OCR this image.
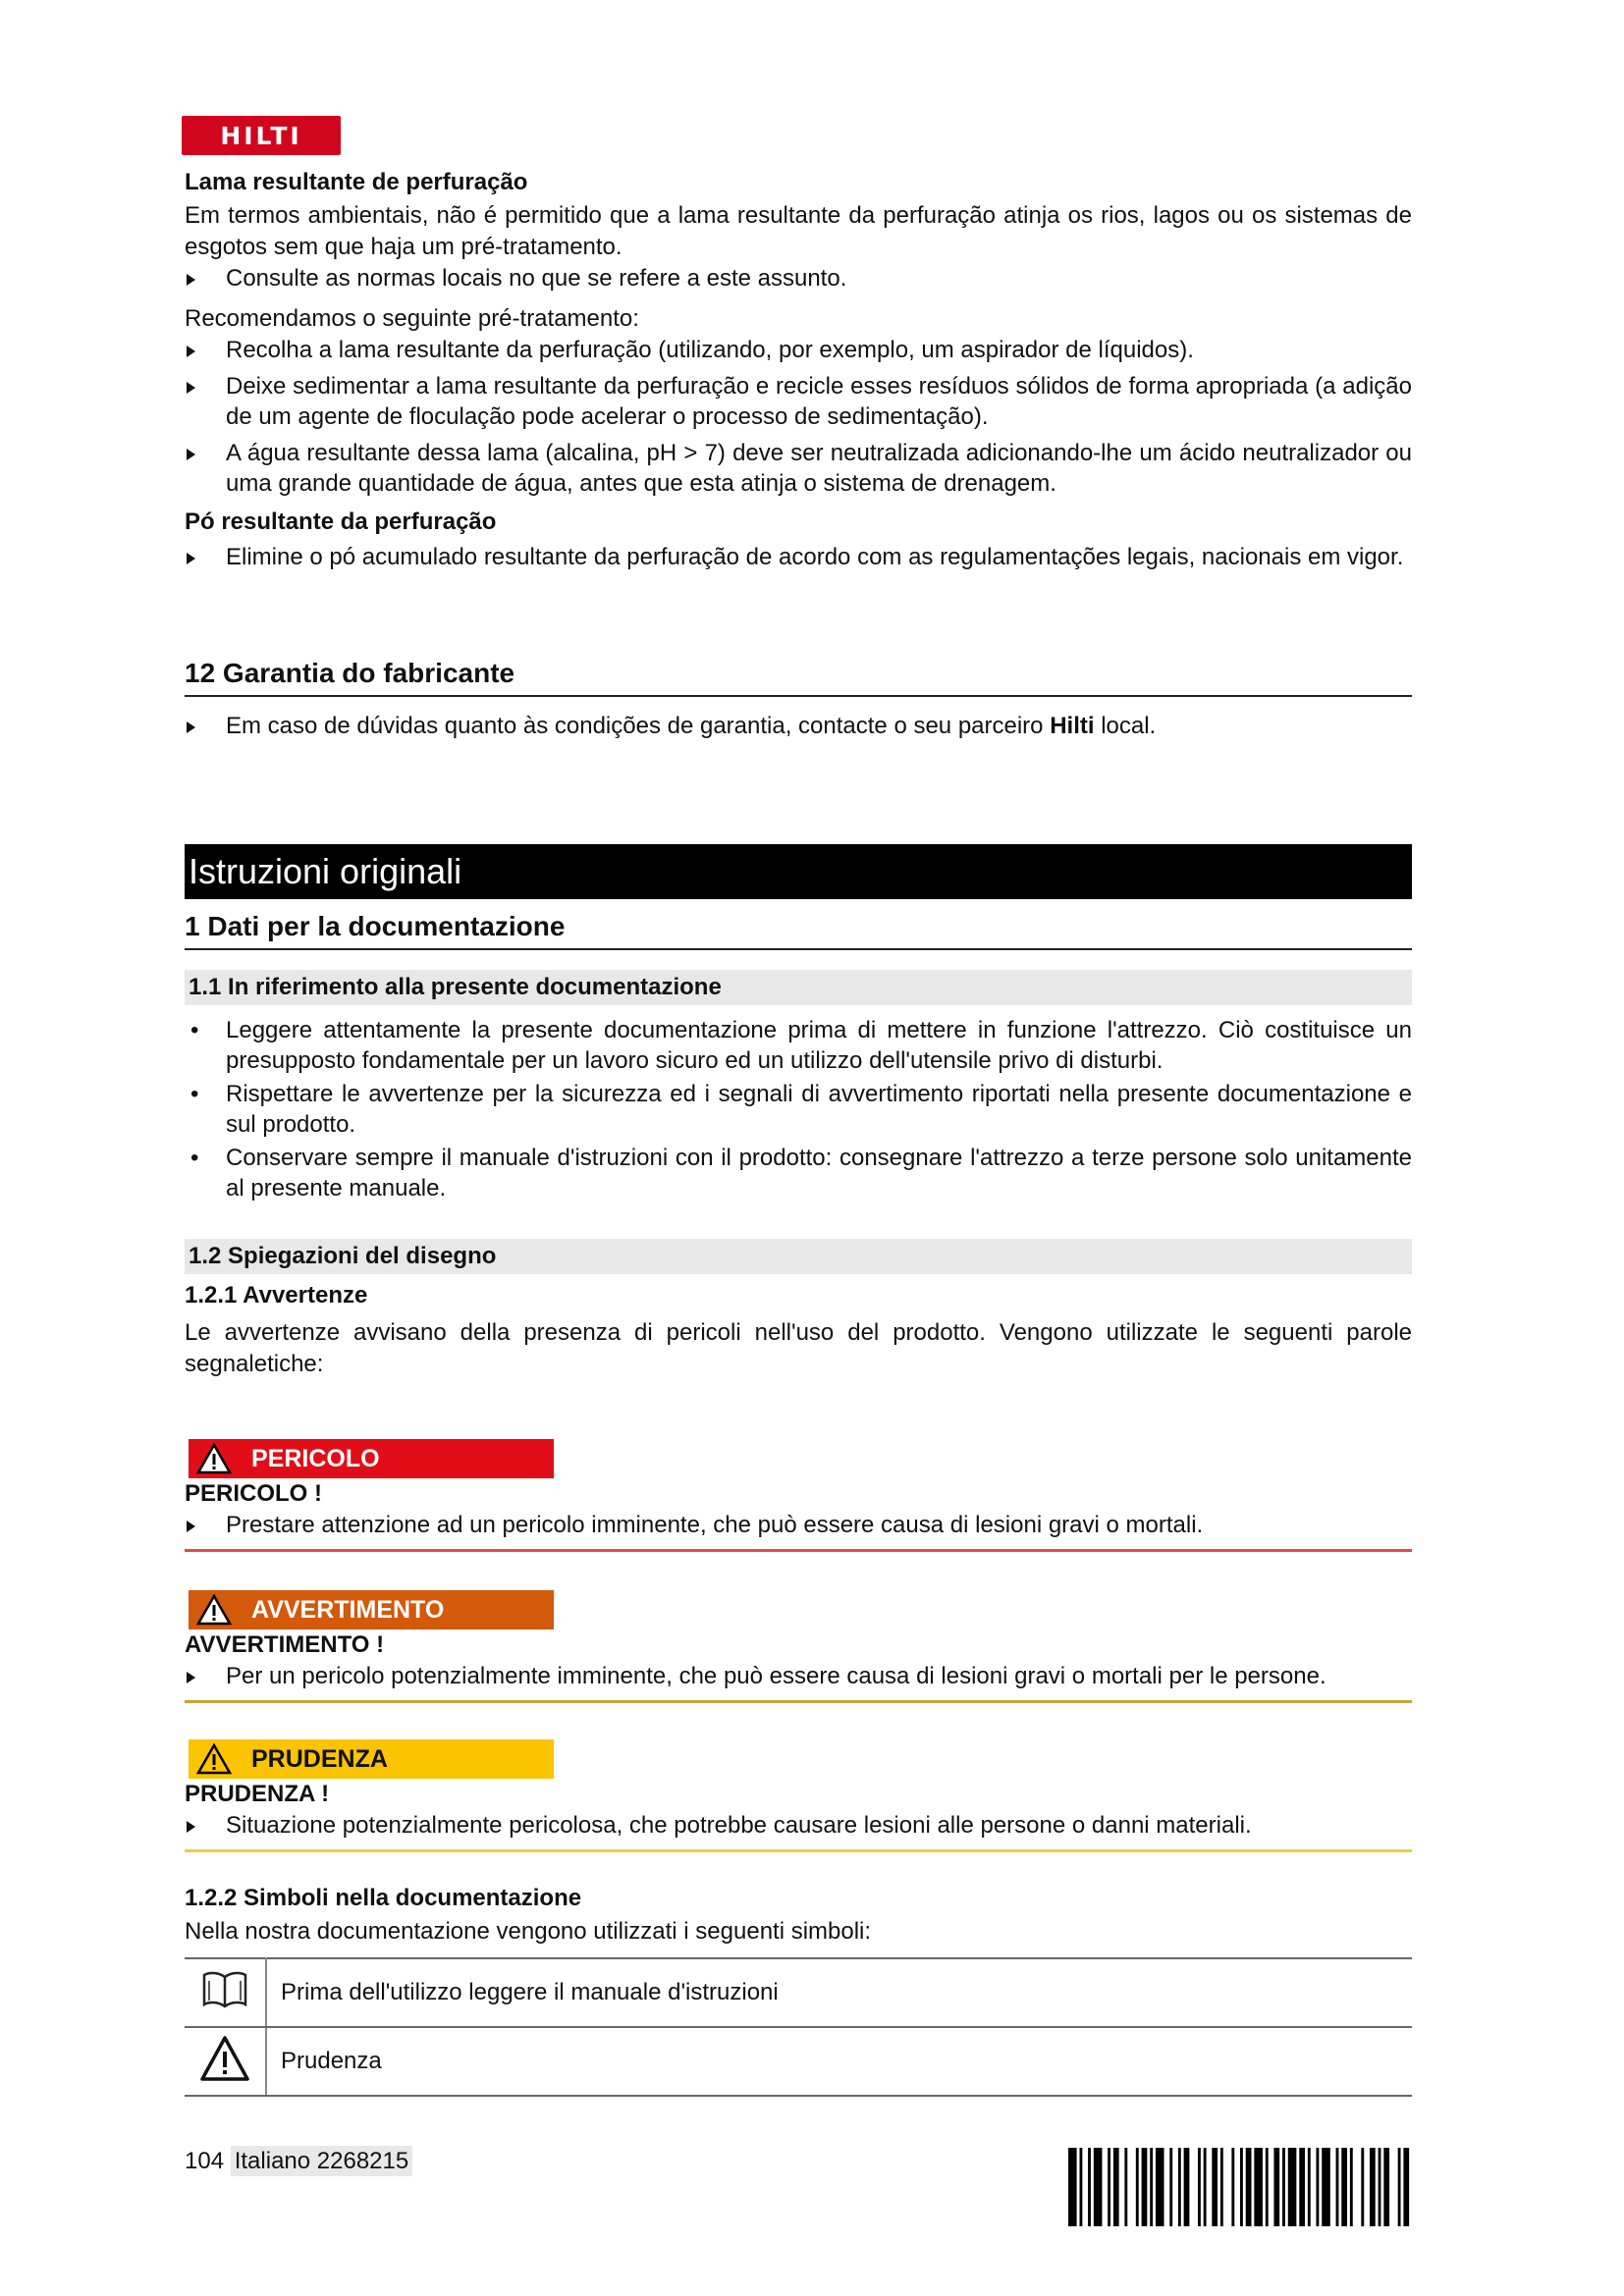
HILTI
Lama resultante de perfuração
Em termos ambientais, não é permitido que a lama resultante da perfuração atinja os rios, lagos ou os sistemas de esgotos sem que haja um pré-tratamento.
Consulte as normas locais no que se refere a este assunto.
Recomendamos o seguinte pré-tratamento:
Recolha a lama resultante da perfuração (utilizando, por exemplo, um aspirador de líquidos).
Deixe sedimentar a lama resultante da perfuração e recicle esses resíduos sólidos de forma apropriada (a adição de um agente de floculação pode acelerar o processo de sedimentação).
A água resultante dessa lama (alcalina, pH > 7) deve ser neutralizada adicionando-lhe um ácido neutralizador ou uma grande quantidade de água, antes que esta atinja o sistema de drenagem.
Pó resultante da perfuração
Elimine o pó acumulado resultante da perfuração de acordo com as regulamentações legais, nacionais em vigor.
12 Garantia do fabricante
Em caso de dúvidas quanto às condições de garantia, contacte o seu parceiro Hilti local.
Istruzioni originali
1 Dati per la documentazione
1.1 In riferimento alla presente documentazione
• Leggere attentamente la presente documentazione prima di mettere in funzione l'attrezzo. Ciò costituisce un presupposto fondamentale per un lavoro sicuro ed un utilizzo dell'utensile privo di disturbi.
• Rispettare le avvertenze per la sicurezza ed i segnali di avvertimento riportati nella presente documentazione e sul prodotto.
• Conservare sempre il manuale d'istruzioni con il prodotto: consegnare l'attrezzo a terze persone solo unitamente al presente manuale.
1.2 Spiegazioni del disegno
1.2.1 Avvertenze
Le avvertenze avvisano della presenza di pericoli nell'uso del prodotto. Vengono utilizzate le seguenti parole segnaletiche:
PERICOLO
PERICOLO !
Prestare attenzione ad un pericolo imminente, che può essere causa di lesioni gravi o mortali.
AVVERTIMENTO
AVVERTIMENTO !
Per un pericolo potenzialmente imminente, che può essere causa di lesioni gravi o mortali per le persone.
PRUDENZA
PRUDENZA !
Situazione potenzialmente pericolosa, che potrebbe causare lesioni alle persone o danni materiali.
1.2.2 Simboli nella documentazione
Nella nostra documentazione vengono utilizzati i seguenti simboli:
	Prima dell'utilizzo leggere il manuale d'istruzioni
	Prudenza
104 Italiano 2268215
